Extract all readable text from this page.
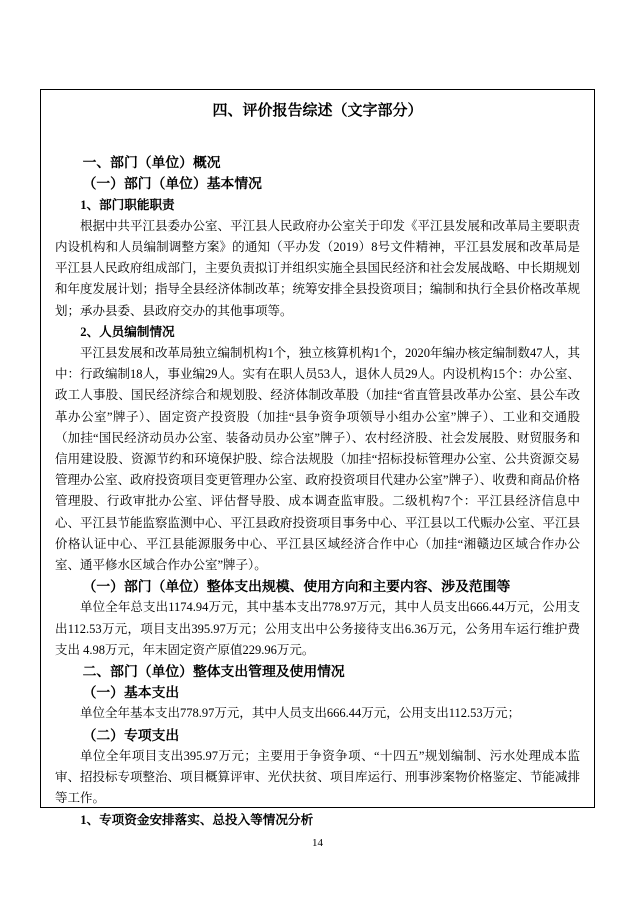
四、评价报告综述（文字部分）
一、部门（单位）概况
（一）部门（单位）基本情况
1、部门职能职责
根据中共平江县委办公室、平江县人民政府办公室关于印发《平江县发展和改革局主要职责内设机构和人员编制调整方案》的通知（平办发（2019）8号文件精神，平江县发展和改革局是平江县人民政府组成部门，主要负责拟订并组织实施全县国民经济和社会发展战略、中长期规划和年度发展计划；指导全县经济体制改革；统筹安排全县投资项目；编制和执行全县价格改革规划；承办县委、县政府交办的其他事项等。
2、人员编制情况
平江县发展和改革局独立编制机构1个，独立核算机构1个，2020年编办核定编制数47人，其中：行政编制18人，事业编29人。实有在职人员53人，退休人员29人。内设机构15个：办公室、政工人事股、国民经济综合和规划股、经济体制改革股（加挂“省直管县改革办公室、县公车改革办公室”牌子）、固定资产投资股（加挂“县争资争项领导小组办公室”牌子）、工业和交通股（加挂“国民经济动员办公室、装备动员办公室”牌子）、农村经济股、社会发展股、财贸服务和信用建设股、资源节约和环境保护股、综合法规股（加挂“招标投标管理办公室、公共资源交易管理办公室、政府投资项目变更管理办公室、政府投资项目代建办公室”牌子）、收费和商品价格管理股、行政审批办公室、评估督导股、成本调查监审股。二级机构7个：平江县经济信息中心、平江县节能监察监测中心、平江县政府投资项目事务中心、平江县以工代赈办公室、平江县价格认证中心、平江县能源服务中心、平江县区域经济合作中心（加挂“湘赣边区域合作办公室、通平修水区域合作办公室”牌子）。
（一）部门（单位）整体支出规模、使用方向和主要内容、涉及范围等
单位全年总支出1174.94万元，其中基本支出778.97万元，其中人员支出666.44万元，公用支出112.53万元，项目支出395.97万元；公用支出中公务接待支出6.36万元，公务用车运行维护费支出 4.98万元，年末固定资产原值229.96万元。
二、部门（单位）整体支出管理及使用情况
（一）基本支出
单位全年基本支出778.97万元，其中人员支出666.44万元，公用支出112.53万元；
（二）专项支出
单位全年项目支出395.97万元；主要用于争资争项、“十四五”规划编制、污水处理成本监审、招投标专项整治、项目概算评审、光伏扶贫、项目库运行、刑事涉案物价格鉴定、节能减排等工作。
1、专项资金安排落实、总投入等情况分析
14
